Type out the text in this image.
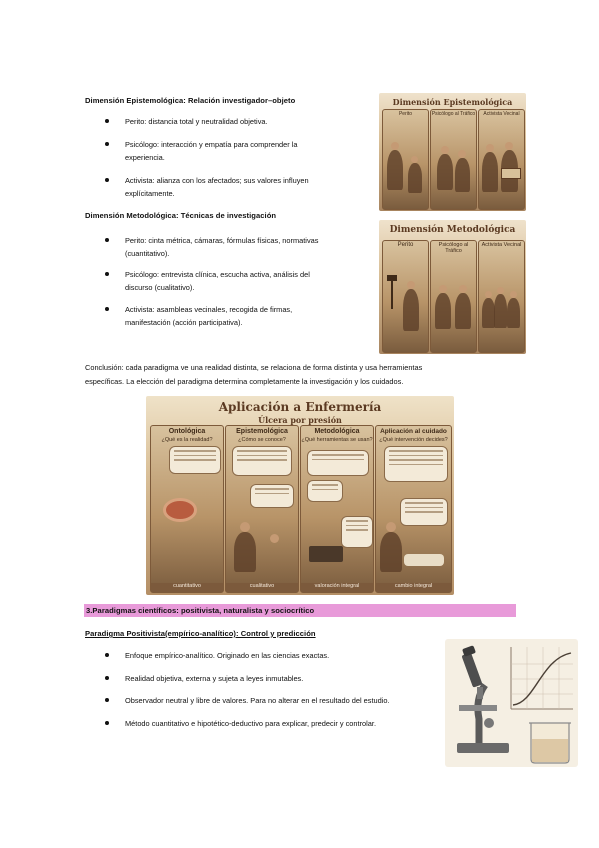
Dimensión Epistemológica: Relación investigador–objeto
Perito: distancia total y neutralidad objetiva.
Psicólogo: interacción y empatía para comprender la
experiencia.
Activista: alianza con los afectados; sus valores influyen
explícitamente.
Dimensión Metodológica: Técnicas de investigación
Perito: cinta métrica, cámaras, fórmulas físicas, normativas
(cuantitativo).
Psicólogo: entrevista clínica, escucha activa, análisis del
discurso (cualitativo).
Activista: asambleas vecinales, recogida de firmas,
manifestación (acción participativa).
Dimensión Epistemológica
Perito	Psicólogo al Tráfico	Activista Vecinal
Dimensión Metodológica
Perito	Psicólogo al Tráfico
Activista Vecinal
Conclusión: cada paradigma ve una realidad distinta, se relaciona de forma distinta y usa herramientas
específicas. La elección del paradigma determina completamente la investigación y los cuidados.
Aplicación a Enfermería
Úlcera por presión
Ontológica
¿Qué es la realidad?
cuantitativo
Epistemológica
¿Cómo se conoce?
cualitativo
Metodológica
¿Qué herramientas se usan?
valoración integral
Aplicación al cuidado
¿Qué intervención decides?
cambio integral
3.Paradigmas científicos: positivista, naturalista y sociocrítico
Paradigma Positivista(empírico-analítico): Control y predicción
Enfoque empírico-analítico. Originado en las ciencias exactas.
Realidad objetiva, externa y sujeta a leyes inmutables.
Observador neutral y libre de valores. Para no alterar en el resultado del estudio.
Método cuantitativo e hipotético-deductivo para explicar, predecir y controlar.
